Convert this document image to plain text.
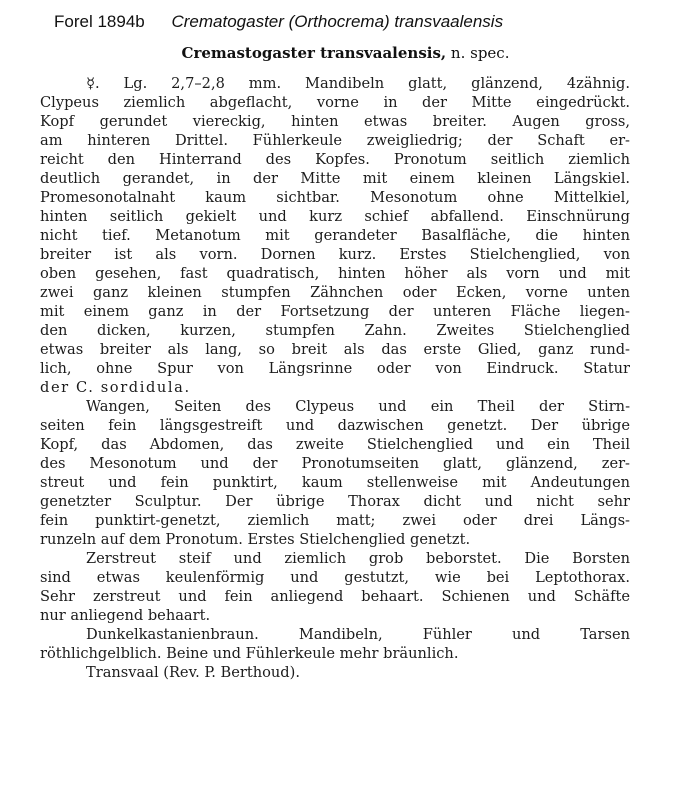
Forel 1894b Crematogaster (Orthocrema) transvaalensis
Cremastogaster transvaalensis, n. spec.
☿. Lg. 2,7–2,8 mm. Mandibeln glatt, glänzend, 4zähnig.
Clypeus ziemlich abgeflacht, vorne in der Mitte eingedrückt.
Kopf gerundet viereckig, hinten etwas breiter. Augen gross,
am hinteren Drittel. Fühlerkeule zweigliedrig; der Schaft er-
reicht den Hinterrand des Kopfes. Pronotum seitlich ziemlich
deutlich gerandet, in der Mitte mit einem kleinen Längskiel.
Promesonotalnaht kaum sichtbar. Mesonotum ohne Mittelkiel,
hinten seitlich gekielt und kurz schief abfallend. Einschnürung
nicht tief. Metanotum mit gerandeter Basalfläche, die hinten
breiter ist als vorn. Dornen kurz. Erstes Stielchenglied, von
oben gesehen, fast quadratisch, hinten höher als vorn und mit
zwei ganz kleinen stumpfen Zähnchen oder Ecken, vorne unten
mit einem ganz in der Fortsetzung der unteren Fläche liegen-
den dicken, kurzen, stumpfen Zahn. Zweites Stielchenglied
etwas breiter als lang, so breit als das erste Glied, ganz rund-
lich, ohne Spur von Längsrinne oder von Eindruck. Statur
der C. sordidula.
Wangen, Seiten des Clypeus und ein Theil der Stirn-
seiten fein längsgestreift und dazwischen genetzt. Der übrige
Kopf, das Abdomen, das zweite Stielchenglied und ein Theil
des Mesonotum und der Pronotumseiten glatt, glänzend, zer-
streut und fein punktirt, kaum stellenweise mit Andeutungen
genetzter Sculptur. Der übrige Thorax dicht und nicht sehr
fein punktirt-genetzt, ziemlich matt; zwei oder drei Längs-
runzeln auf dem Pronotum. Erstes Stielchenglied genetzt.
Zerstreut steif und ziemlich grob beborstet. Die Borsten
sind etwas keulenförmig und gestutzt, wie bei Leptothorax.
Sehr zerstreut und fein anliegend behaart. Schienen und Schäfte
nur anliegend behaart.
Dunkelkastanienbraun. Mandibeln, Fühler und Tarsen
röthlichgelblich. Beine und Fühlerkeule mehr bräunlich.
Transvaal (Rev. P. Berthoud).
